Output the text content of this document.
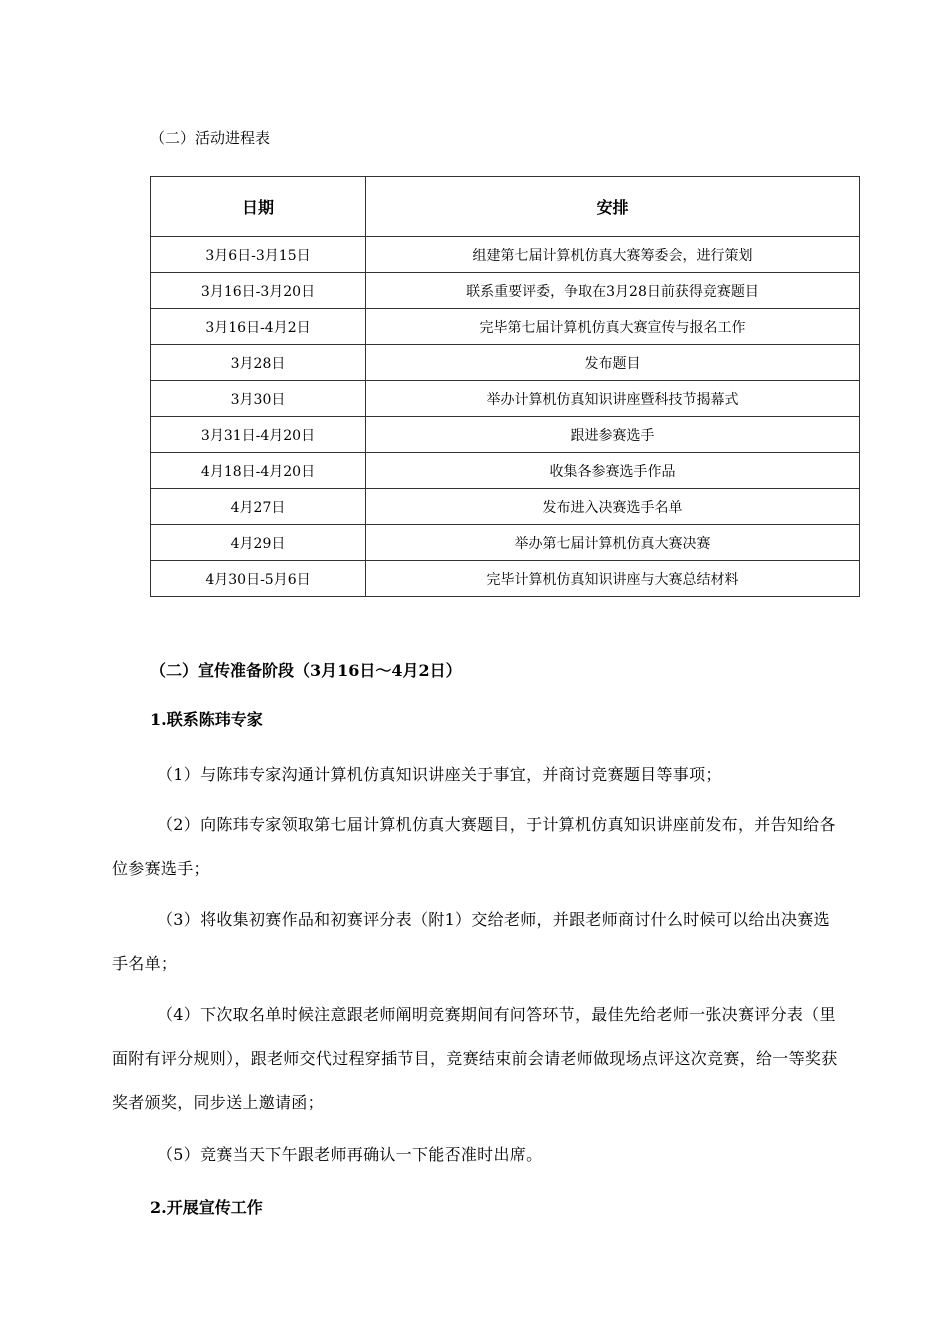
（二）活动进程表
日期	安排
3月6日-3月15日	组建第七届计算机仿真大赛筹委会，进行策划
3月16日-3月20日	联系重要评委，争取在3月28日前获得竞赛题目
3月16日-4月2日	完毕第七届计算机仿真大赛宣传与报名工作
3月28日	发布题目
3月30日	举办计算机仿真知识讲座暨科技节揭幕式
3月31日-4月20日	跟进参赛选手
4月18日-4月20日	收集各参赛选手作品
4月27日	发布进入决赛选手名单
4月29日	举办第七届计算机仿真大赛决赛
4月30日-5月6日	完毕计算机仿真知识讲座与大赛总结材料
（二）宣传准备阶段（3月16日～4月2日）
1.联系陈玮专家
（1）与陈玮专家沟通计算机仿真知识讲座关于事宜，并商讨竞赛题目等事项；
（2）向陈玮专家领取第七届计算机仿真大赛题目，于计算机仿真知识讲座前发布，并告知给各位参赛选手；
（3）将收集初赛作品和初赛评分表（附1）交给老师，并跟老师商讨什么时候可以给出决赛选手名单；
（4）下次取名单时候注意跟老师阐明竞赛期间有问答环节，最佳先给老师一张决赛评分表（里面附有评分规则），跟老师交代过程穿插节目，竞赛结束前会请老师做现场点评这次竞赛，给一等奖获奖者颁奖，同步送上邀请函；
（5）竞赛当天下午跟老师再确认一下能否准时出席。
2.开展宣传工作
